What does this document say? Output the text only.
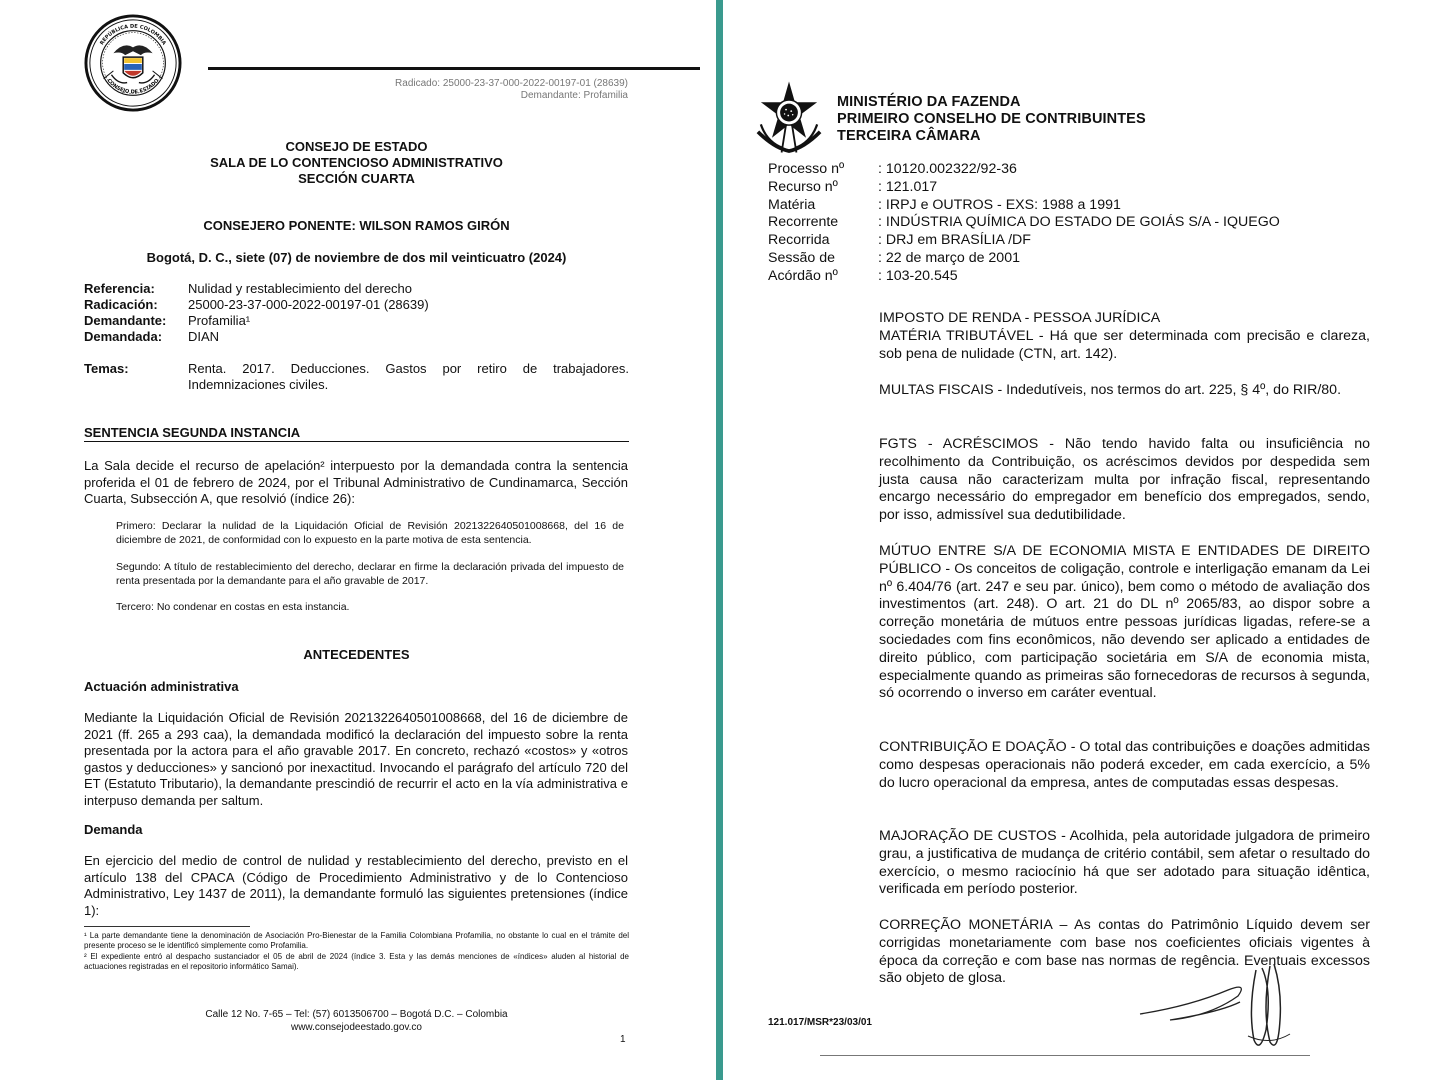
REPÚBLICA DE COLOMBIA
CONSEJO DE ESTADO	Radicado: 25000-23-37-000-2022-00197-01 (28639)
Demandante: Profamilia
CONSEJO DE ESTADO
SALA DE LO CONTENCIOSO ADMINISTRATIVO
SECCIÓN CUARTA
CONSEJERO PONENTE: WILSON RAMOS GIRÓN
Bogotá, D. C., siete (07) de noviembre de dos mil veinticuatro (2024)
Referencia:	Nulidad y restablecimiento del derecho
Radicación:	25000-23-37-000-2022-00197-01 (28639)
Demandante:	Profamilia¹
Demandada:	DIAN
Temas:	Renta. 2017. Deducciones. Gastos por retiro de trabajadores. Indemnizaciones civiles.
SENTENCIA SEGUNDA INSTANCIA
La Sala decide el recurso de apelación² interpuesto por la demandada contra la sentencia proferida el 01 de febrero de 2024, por el Tribunal Administrativo de Cundinamarca, Sección Cuarta, Subsección A, que resolvió (índice 26):
Primero: Declarar la nulidad de la Liquidación Oficial de Revisión 2021322640501008668, del 16 de diciembre de 2021, de conformidad con lo expuesto en la parte motiva de esta sentencia.
Segundo: A título de restablecimiento del derecho, declarar en firme la declaración privada del impuesto de renta presentada por la demandante para el año gravable de 2017.
Tercero: No condenar en costas en esta instancia.
ANTECEDENTES
Actuación administrativa
Mediante la Liquidación Oficial de Revisión 2021322640501008668, del 16 de diciembre de 2021 (ff. 265 a 293 caa), la demandada modificó la declaración del impuesto sobre la renta presentada por la actora para el año gravable 2017. En concreto, rechazó «costos» y «otros gastos y deducciones» y sancionó por inexactitud. Invocando el parágrafo del artículo 720 del ET (Estatuto Tributario), la demandante prescindió de recurrir el acto en la vía administrativa e interpuso demanda per saltum.
Demanda
En ejercicio del medio de control de nulidad y restablecimiento del derecho, previsto en el artículo 138 del CPACA (Código de Procedimiento Administrativo y de lo Contencioso Administrativo, Ley 1437 de 2011), la demandante formuló las siguientes pretensiones (índice 1):
¹ La parte demandante tiene la denominación de Asociación Pro-Bienestar de la Familia Colombiana Profamilia, no obstante lo cual en el trámite del presente proceso se le identificó simplemente como Profamilia.
² El expediente entró al despacho sustanciador el 05 de abril de 2024 (índice 3. Esta y las demás menciones de «índices» aluden al historial de actuaciones registradas en el repositorio informático Samai).
Calle 12 No. 7-65 – Tel: (57) 6013506700 – Bogotá D.C. – Colombia
www.consejodeestado.gov.co
1
MINISTÉRIO DA FAZENDA
PRIMEIRO CONSELHO DE CONTRIBUINTES
TERCEIRA CÂMARA
Processo nº	: 10120.002322/92-36
Recurso nº	: 121.017
Matéria	: IRPJ e OUTROS - EXS: 1988 a 1991
Recorrente	: INDÚSTRIA QUÍMICA DO ESTADO DE GOIÁS S/A - IQUEGO
Recorrida	: DRJ em BRASÍLIA /DF
Sessão de	: 22 de março de 2001
Acórdão nº	: 103-20.545
IMPOSTO DE RENDA - PESSOA JURÍDICA
MATÉRIA TRIBUTÁVEL - Há que ser determinada com precisão e clareza, sob pena de nulidade (CTN, art. 142).
MULTAS FISCAIS - Indedutíveis, nos termos do art. 225, § 4º, do RIR/80.
FGTS - ACRÉSCIMOS - Não tendo havido falta ou insuficiência no recolhimento da Contribuição, os acréscimos devidos por despedida sem justa causa não caracterizam multa por infração fiscal, representando encargo necessário do empregador em benefício dos empregados, sendo, por isso, admissível sua dedutibilidade.
MÚTUO ENTRE S/A DE ECONOMIA MISTA E ENTIDADES DE DIREITO PÚBLICO - Os conceitos de coligação, controle e interligação emanam da Lei nº 6.404/76 (art. 247 e seu par. único), bem como o método de avaliação dos investimentos (art. 248). O art. 21 do DL nº 2065/83, ao dispor sobre a correção monetária de mútuos entre pessoas jurídicas ligadas, refere-se a sociedades com fins econômicos, não devendo ser aplicado a entidades de direito público, com participação societária em S/A de economia mista, especialmente quando as primeiras são fornecedoras de recursos à segunda, só ocorrendo o inverso em caráter eventual.
CONTRIBUIÇÃO E DOAÇÃO - O total das contribuições e doações admitidas como despesas operacionais não poderá exceder, em cada exercício, a 5% do lucro operacional da empresa, antes de computadas essas despesas.
MAJORAÇÃO DE CUSTOS - Acolhida, pela autoridade julgadora de primeiro grau, a justificativa de mudança de critério contábil, sem afetar o resultado do exercício, o mesmo raciocínio há que ser adotado para situação idêntica, verificada em período posterior.
CORREÇÃO MONETÁRIA – As contas do Patrimônio Líquido devem ser corrigidas monetariamente com base nos coeficientes oficiais vigentes à época da correção e com base nas normas de regência. Eventuais excessos são objeto de glosa.
121.017/MSR*23/03/01
